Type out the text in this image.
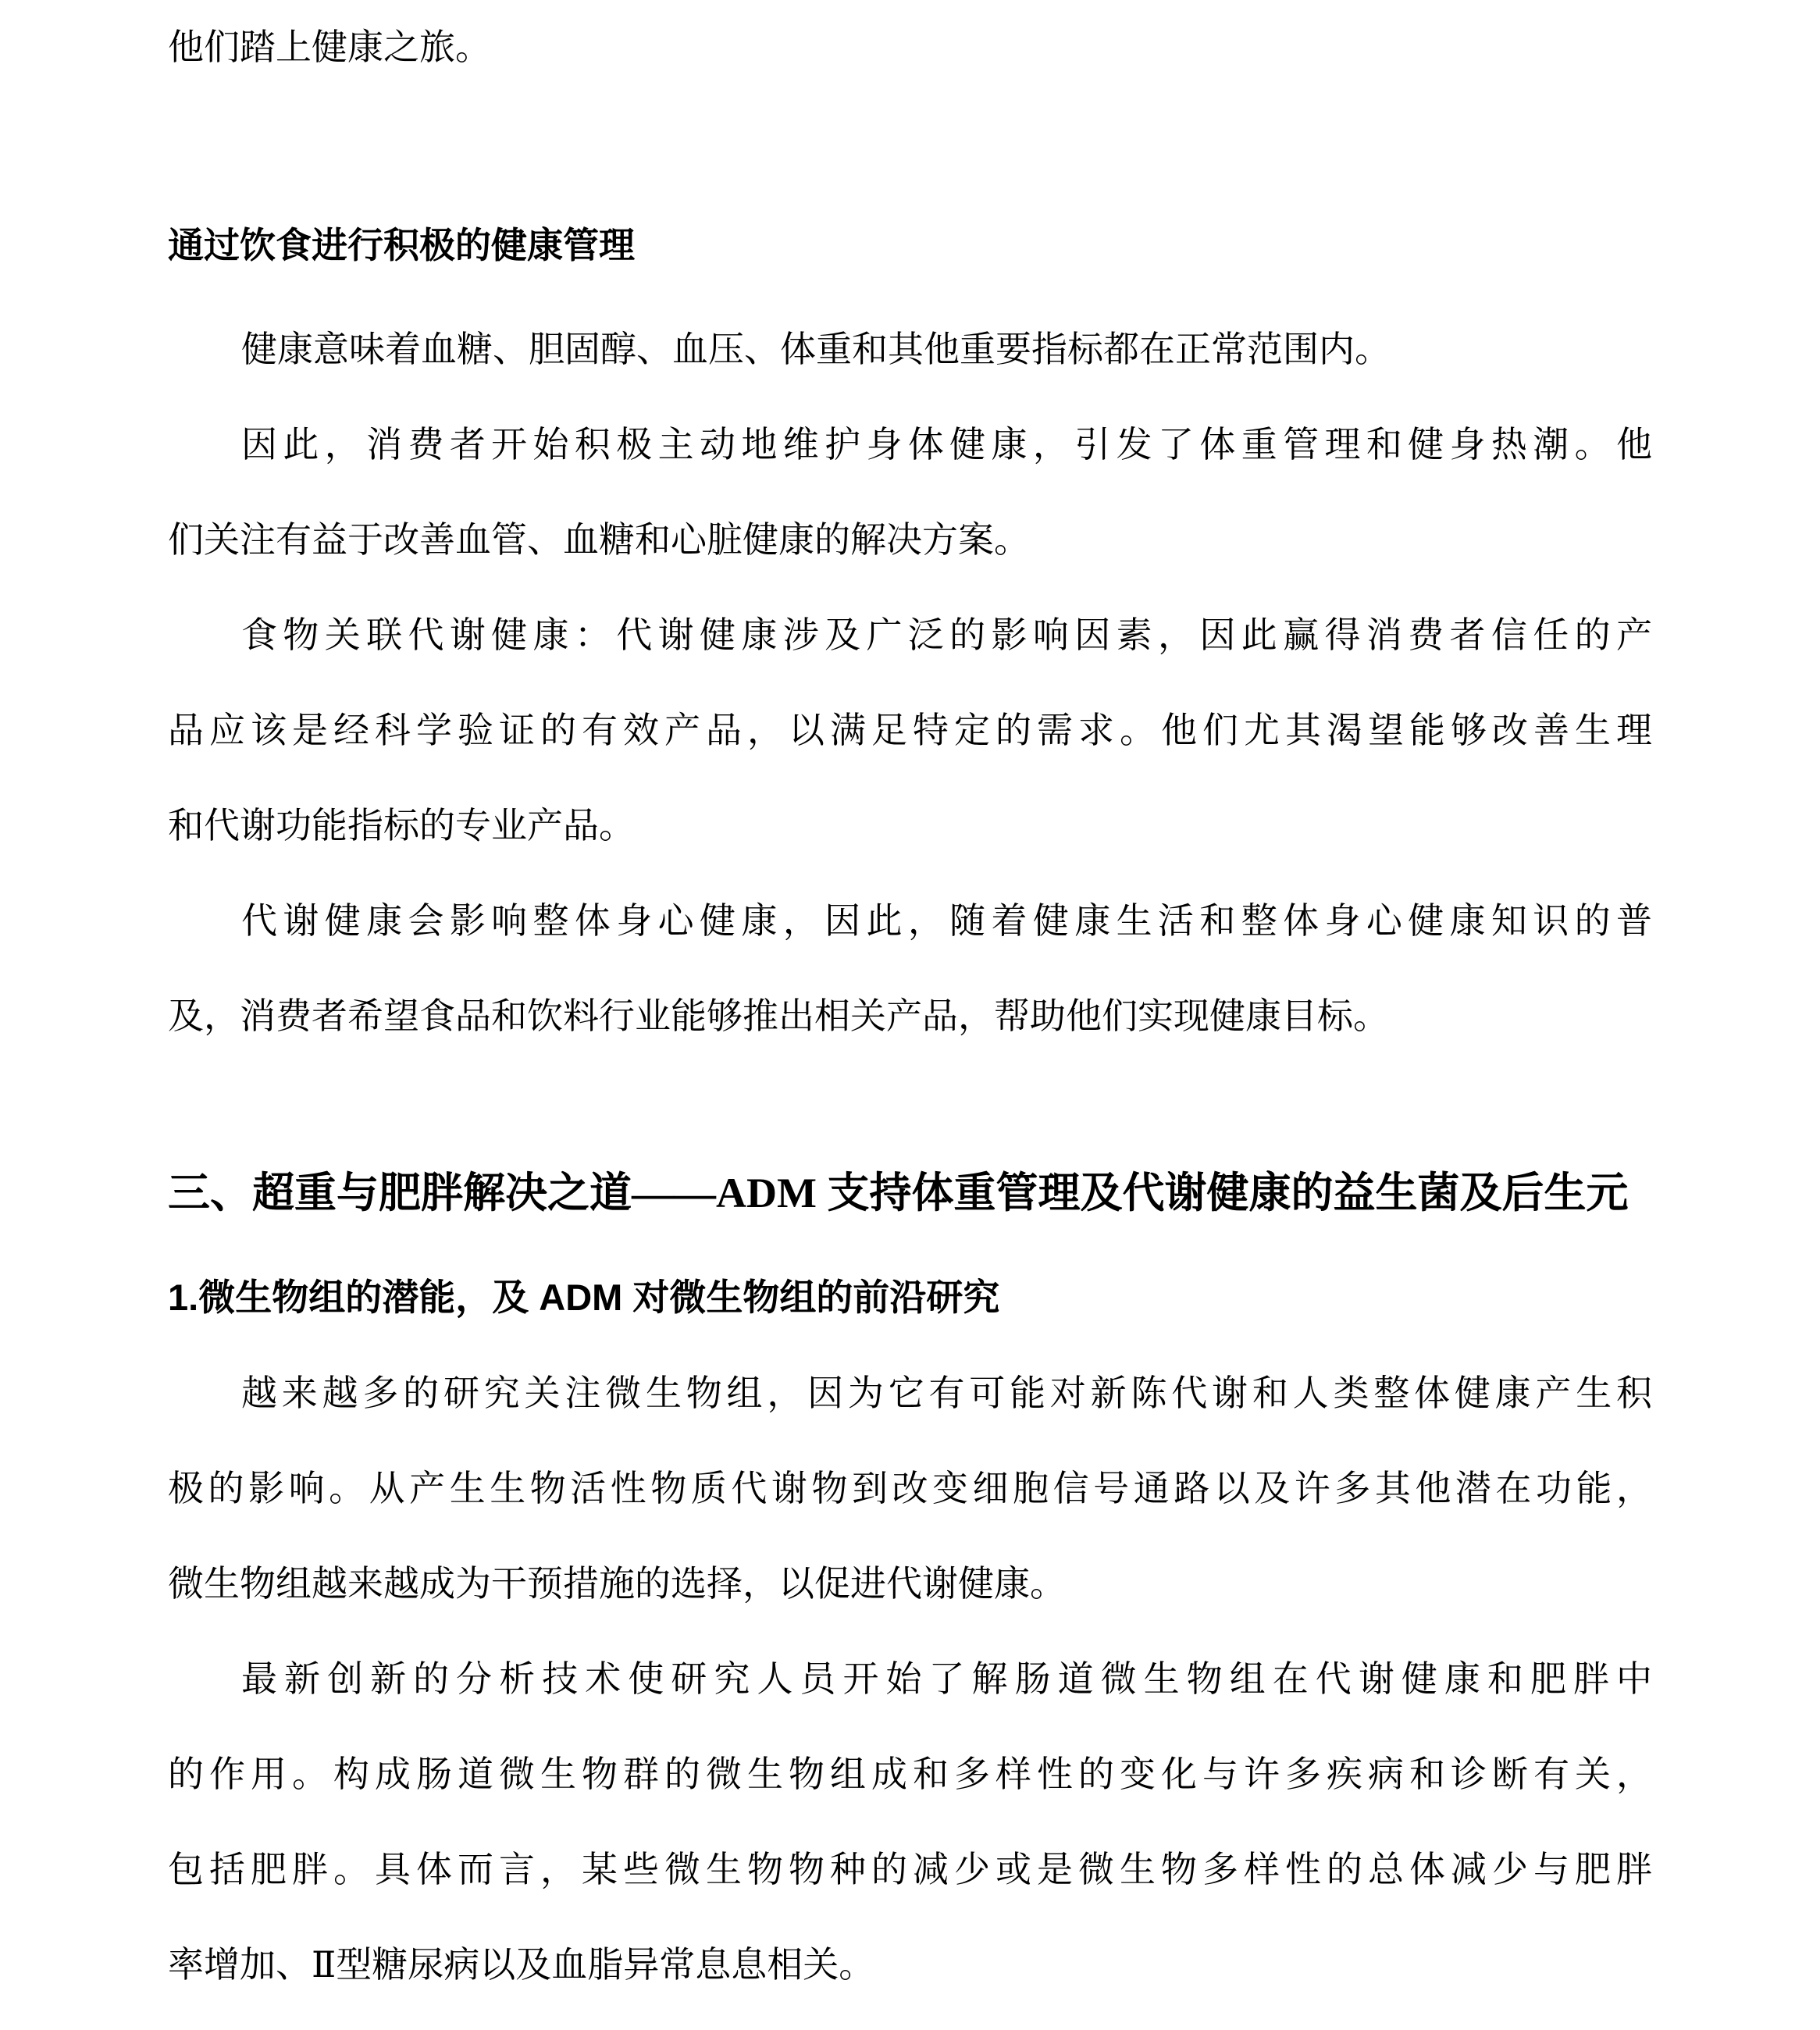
他们踏上健康之旅。
通过饮食进行积极的健康管理
健康意味着血糖、胆固醇、血压、体重和其他重要指标都在正常范围内。
因此，消费者开始积极主动地维护身体健康，引发了体重管理和健身热潮。他
们关注有益于改善血管、血糖和心脏健康的解决方案。
食物关联代谢健康：代谢健康涉及广泛的影响因素，因此赢得消费者信任的产
品应该是经科学验证的有效产品，以满足特定的需求。他们尤其渴望能够改善生理
和代谢功能指标的专业产品。
代谢健康会影响整体身心健康，因此，随着健康生活和整体身心健康知识的普
及，消费者希望食品和饮料行业能够推出相关产品，帮助他们实现健康目标。
三、超重与肥胖解决之道——ADM 支持体重管理及代谢健康的益生菌及后生元
1.微生物组的潜能，及 ADM 对微生物组的前沿研究
越来越多的研究关注微生物组，因为它有可能对新陈代谢和人类整体健康产生积
极的影响。从产生生物活性物质代谢物到改变细胞信号通路以及许多其他潜在功能，
微生物组越来越成为干预措施的选择，以促进代谢健康。
最新创新的分析技术使研究人员开始了解肠道微生物组在代谢健康和肥胖中
的作用。构成肠道微生物群的微生物组成和多样性的变化与许多疾病和诊断有关，
包括肥胖。具体而言，某些微生物物种的减少或是微生物多样性的总体减少与肥胖
率增加、Ⅱ型糖尿病以及血脂异常息息相关。
